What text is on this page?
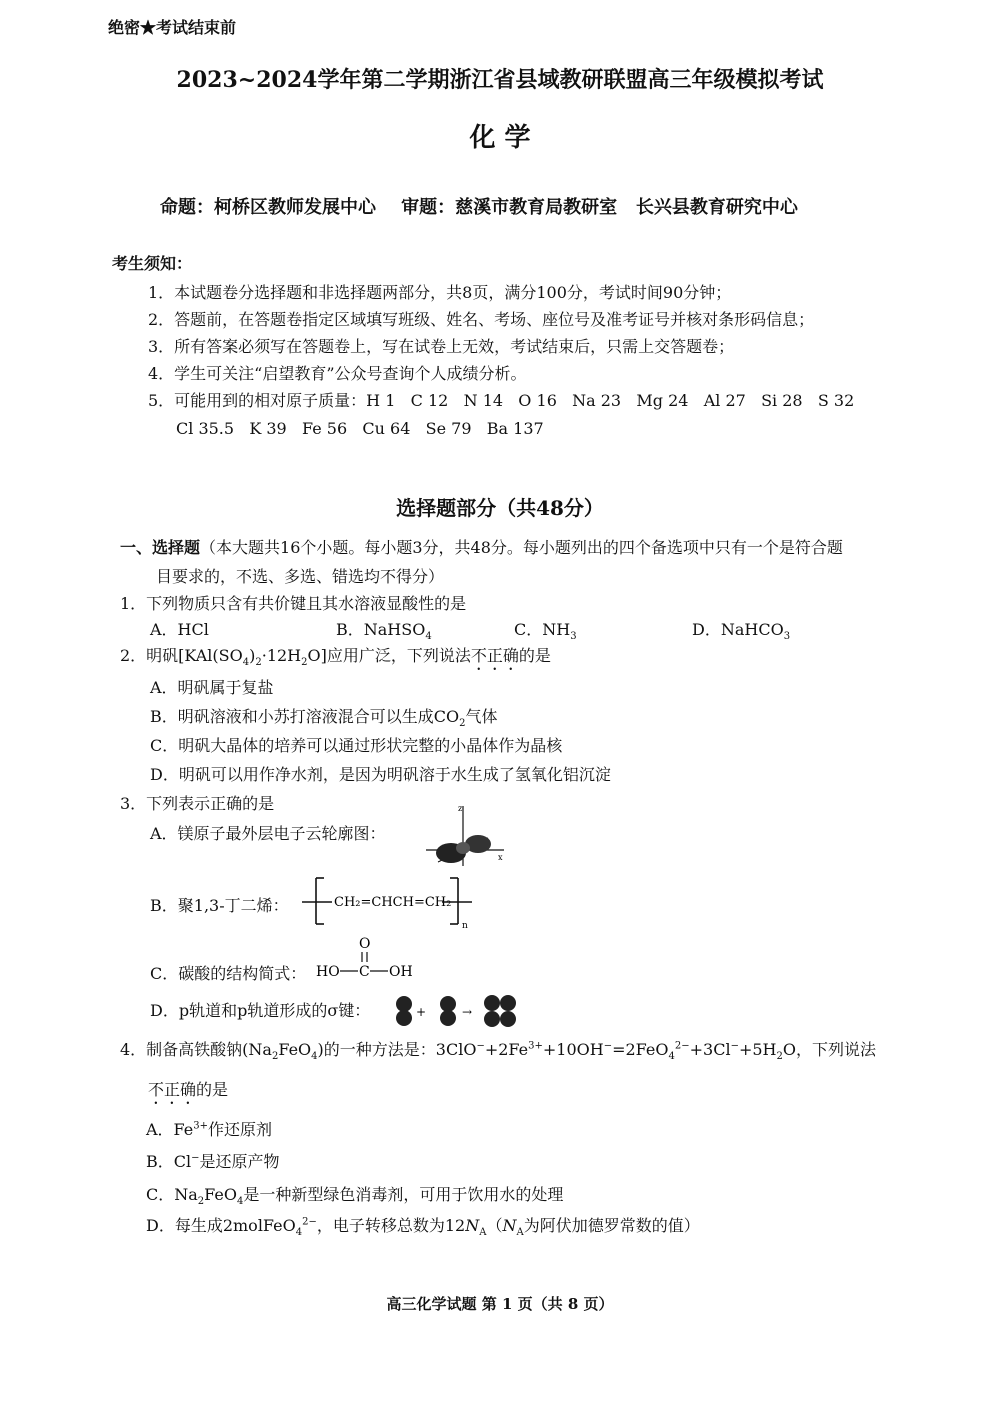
绝密★考试结束前
2023~2024学年第二学期浙江省县域教研联盟高三年级模拟考试
化 学
命题：柯桥区教师发展中心    审题：慈溪市教育局教研室   长兴县教育研究中心
考生须知：
1．本试题卷分选择题和非选择题两部分，共8页，满分100分，考试时间90分钟；
2．答题前，在答题卷指定区域填写班级、姓名、考场、座位号及准考证号并核对条形码信息；
3．所有答案必须写在答题卷上，写在试卷上无效，考试结束后，只需上交答题卷；
4．学生可关注“启望教育”公众号查询个人成绩分析。
5．可能用到的相对原子质量：H 1   C 12   N 14   O 16   Na 23   Mg 24   Al 27   Si 28   S 32
Cl 35.5   K 39   Fe 56   Cu 64   Se 79   Ba 137
选择题部分（共48分）
一、选择题（本大题共16个小题。每小题3分，共48分。每小题列出的四个备选项中只有一个是符合题
目要求的，不选、多选、错选均不得分）
1．下列物质只含有共价键且其水溶液显酸性的是
A．HCl	B．NaHSO$_4$	C．$NH_3$	D．NaHCO$_3$
2．明矾$[KAl(SO_4)_2\cdot 12H_2O]$应用广泛，下列说法不正确的是
A．明矾属于复盐
B．明矾溶液和小苏打溶液混合可以生成$CO_2$气体
C．明矾大晶体的培养可以通过形状完整的小晶体作为晶核
D．明矾可以用作净水剂，是因为明矾溶于水生成了氢氧化铝沉淀
3．下列表示正确的是
A．镁原子最外层电子云轮廓图：
z
x
B．聚1,3-丁二烯：	CH₂=CHCH=CH₂
n
C．碳酸的结构简式： HO C OH
O
D．p轨道和p轨道形成的σ键：	+	→
4．制备高铁酸钠$(Na_2FeO_4)$的一种方法是：$3ClO^-+2Fe^{3+}+10OH^-=2FeO_4^{2-}+3Cl^-+5H_2O$，下列说法
不正确的是
A．$Fe^{3+}$作还原剂
B．Cl−是还原产物
C．$Na_2FeO_4$是一种新型绿色消毒剂，可用于饮用水的处理
D．每生成2molFeO$_4^{2-}$，电子转移总数为$12N_A(N_A$为阿伏加德罗常数的值）
高三化学试题 第 1 页（共 8 页）
